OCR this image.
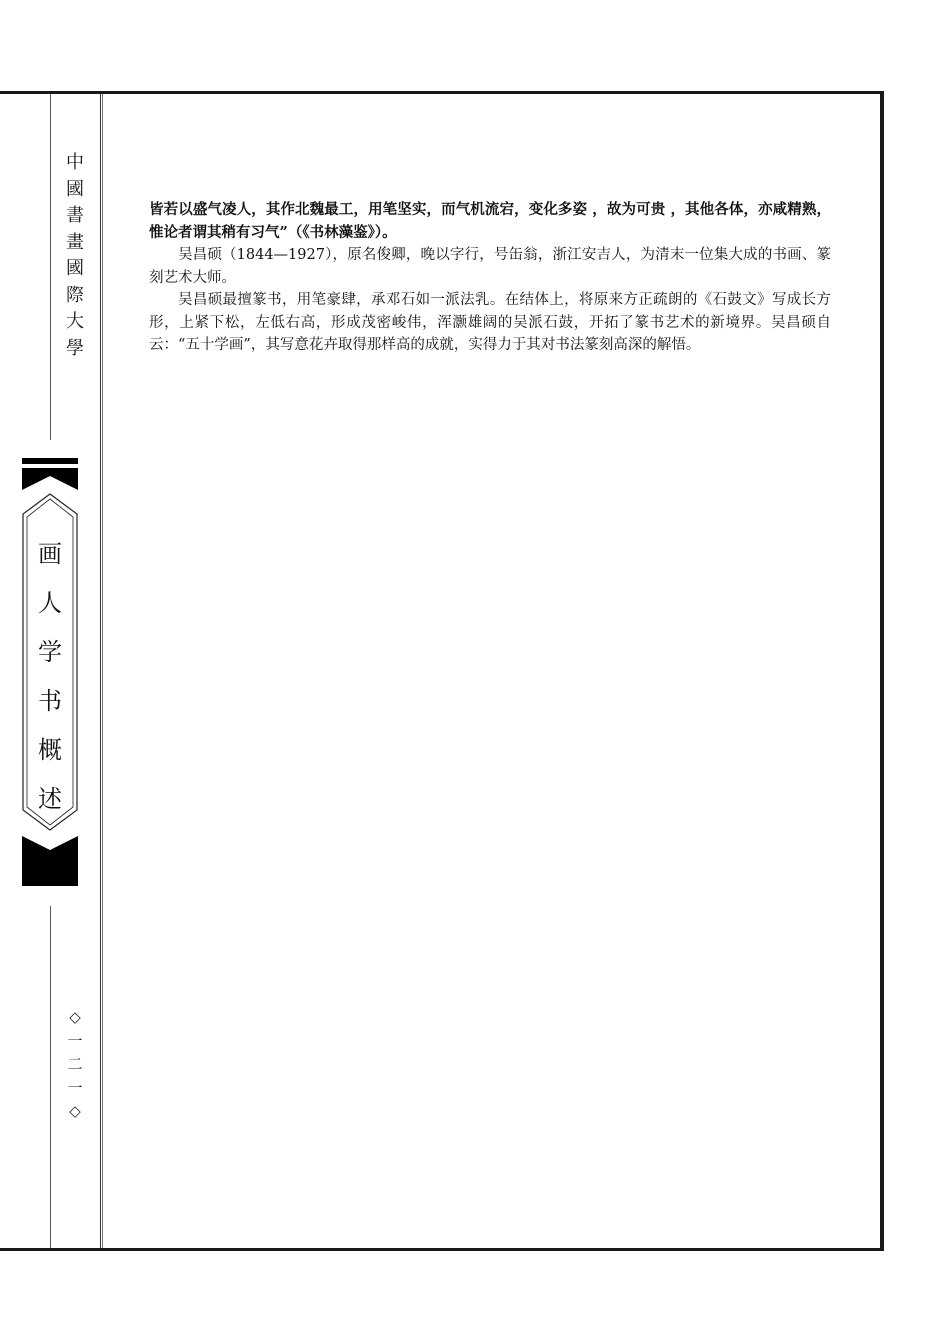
中國書畫國際大學
画人学书概述
◇
一
二
一
◇

皆若以盛气凌人，其作北魏最工，用笔坚实，而气机流宕，变化多姿 ，故为可贵 ，其他各体，亦咸精熟，惟论者谓其稍有习气”（《书林藻鉴》）。

吴昌硕（1844—1927），原名俊卿，晚以字行，号缶翁，浙江安吉人，为清末一位集大成的书画、篆刻艺术大师。

吴昌硕最擅篆书，用笔豪肆，承邓石如一派法乳。在结体上，将原来方正疏朗的《石鼓文》写成长方形，上紧下松，左低右高，形成茂密峻伟，浑灏雄阔的吴派石鼓，开拓了篆书艺术的新境界。吴昌硕自云：“五十学画”，其写意花卉取得那样高的成就，实得力于其对书法篆刻高深的解悟。
